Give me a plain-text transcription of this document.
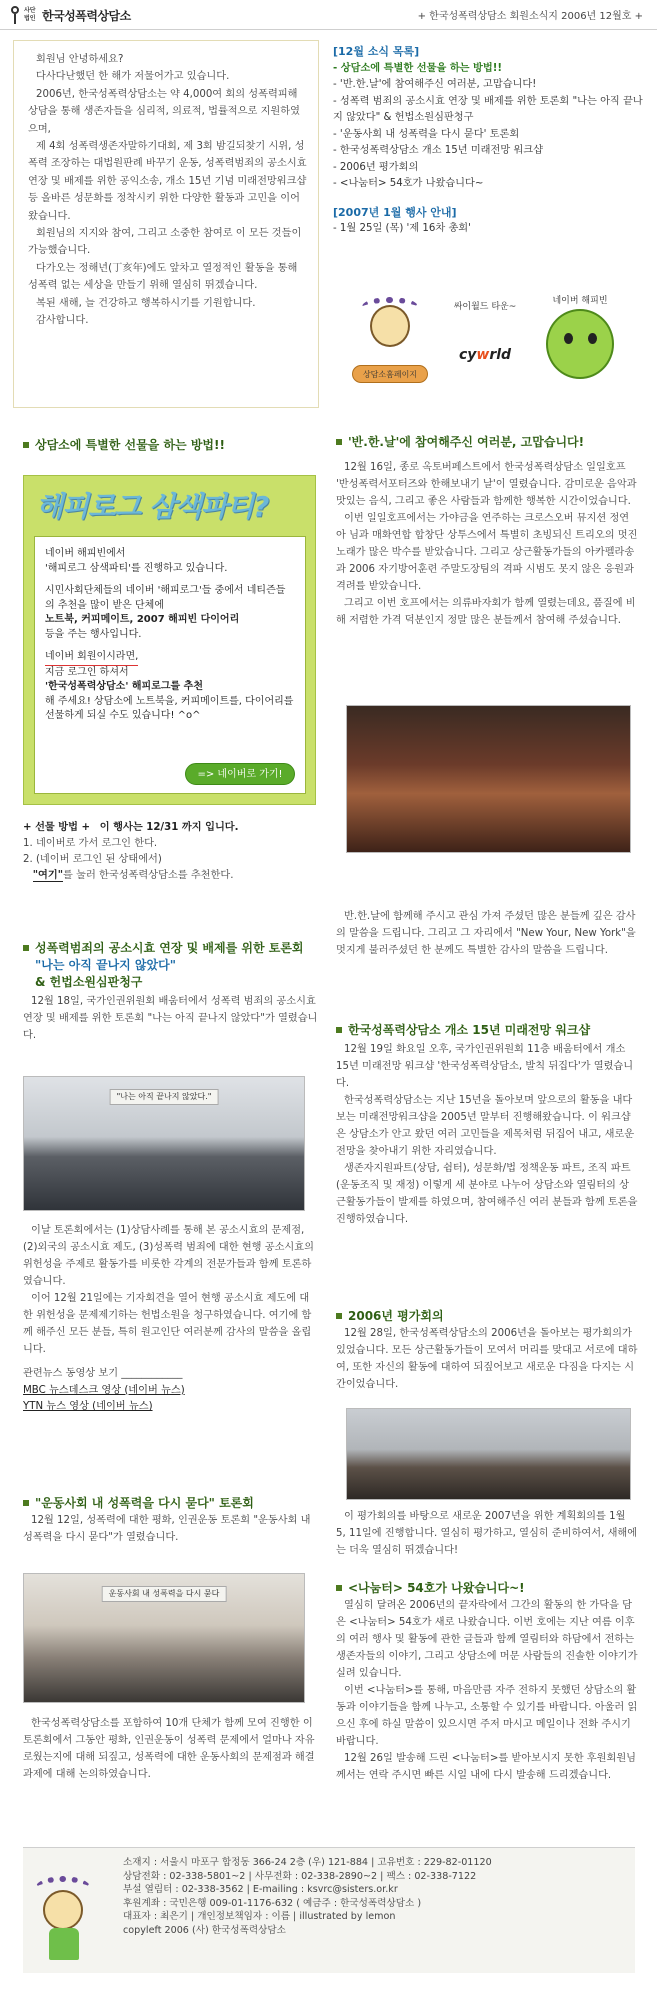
사단법인 한국성폭력상담소	+ 한국성폭력상담소 회원소식지 2006년 12월호 +

회원님 안녕하세요?

다사다난했던 한 해가 저물어가고 있습니다.

2006년, 한국성폭력상담소는 약 4,000여 회의 성폭력피해 상담을 통해 생존자들을 심리적, 의료적, 법률적으로 지원하였으며,

제 4회 성폭력생존자말하기대회, 제 3회 밤길되찾기 시위, 성폭력 조장하는 대법원판례 바꾸기 운동, 성폭력범죄의 공소시효 연장 및 배제를 위한 공익소송, 개소 15년 기념 미래전망워크샵 등 올바른 성문화를 정착시키 위한 다양한 활동과 고민을 이어 왔습니다.

회원님의 지지와 참여, 그리고 소중한 참여로 이 모든 것들이 가능했습니다.

다가오는 정해년(丁亥年)에도 앞차고 열정적인 활동을 통해 성폭력 없는 세상을 만들기 위해 열심히 뛰겠습니다.

복된 새해, 늘 건강하고 행복하시기를 기원합니다.

감사합니다.

[12월 소식 목록]
- 상담소에 특별한 선물을 하는 방법!!
- '반.한.날'에 참여해주신 여러분, 고맙습니다!
- 성폭력 범죄의 공소시효 연장 및 배제를 위한 토론회 "나는 아직 끝나지 않았다" & 헌법소원심판청구
- '운동사회 내 성폭력을 다시 묻다' 토론회
- 한국성폭력상담소 개소 15년 미래전망 워크샵
- 2006년 평가회의
- <나눔터> 54호가 나왔습니다~
[2007년 1월 행사 안내]
- 1월 25일 (목) '제 16차 총회'
상담소홈페이지
싸이월드 타운~
cywrld
네이버 해피빈
상담소에 특별한 선물을 하는 방법!!
해피로그 삼색파티?
네이버 해피빈에서
'해피로그 삼색파티'를 진행하고 있습니다.
시민사회단체들의 네이버 '해피로그'들 중에서 네티즌들의 추천을 많이 받은 단체에
노트북, 커피메이트, 2007 해피빈 다이어리
등을 주는 행사입니다.
네이버 회원이시라면,
지금 로그인 하셔서
'한국성폭력상담소' 해피로그를 추천
해 주세요! 상담소에 노트북을, 커피메이트를, 다이어리를 선물하게 되실 수도 있습니다! ^o^
=> 네이버로 가기!
+ 선물 방법 + 이 행사는 12/31 까지 입니다.
1. 네이버로 가서 로그인 한다.
2. (네이버 로그인 된 상태에서)
"여기"를 눌러 한국성폭력상담소를 추천한다.
성폭력범죄의 공소시효 연장 및 배제를 위한 토론회 "나는 아직 끝나지 않았다"
& 헌법소원심판청구

12월 18일, 국가인권위원회 배움터에서 성폭력 범죄의 공소시효 연장 및 배제를 위한 토론회 "나는 아직 끝나지 않았다"가 열렸습니다.

"나는 아직 끝나지 않았다."

이날 토론회에서는 (1)상담사례를 통해 본 공소시효의 문제점, (2)외국의 공소시효 제도, (3)성폭력 범죄에 대한 현행 공소시효의 위헌성을 주제로 활동가를 비롯한 각계의 전문가들과 함께 토론하였습니다.

이어 12월 21일에는 기자회견을 열어 현행 공소시효 제도에 대한 위헌성을 문제제기하는 헌법소원을 청구하였습니다. 여기에 함께 해주신 모든 분들, 특히 원고인단 여러분께 감사의 말씀을 올립니다.

관련뉴스 동영상 보기 ____________
MBC 뉴스데스크 영상 (네이버 뉴스)
YTN 뉴스 영상 (네이버 뉴스)
"운동사회 내 성폭력을 다시 묻다" 토론회

12월 12일, 성폭력에 대한 평화, 인권운동 토론회 "운동사회 내 성폭력을 다시 묻다"가 열렸습니다.

운동사회 내 성폭력을 다시 묻다

한국성폭력상담소를 포함하여 10개 단체가 함께 모여 진행한 이 토론회에서 그동안 평화, 인권운동이 성폭력 문제에서 얼마나 자유로웠는지에 대해 되짚고, 성폭력에 대한 운동사회의 문제점과 해결과제에 대해 논의하였습니다.

'반.한.날'에 참여해주신 여러분, 고맙습니다!

12월 16일, 종로 옥토버페스트에서 한국성폭력상담소 일일호프 '반성폭력서포터즈와 한해보내기 날'이 열렸습니다. 감미로운 음악과 맛있는 음식, 그리고 좋은 사람들과 함께한 행복한 시간이었습니다.

이번 일일호프에서는 가야금을 연주하는 크로스오버 뮤지션 정연아 님과 매화연합 합창단 상투스에서 특별히 초빙되신 트리오의 멋진 노래가 많은 박수를 받았습니다. 그리고 상근활동가들의 아카펠라송과 2006 자기방어훈련 주말도장팀의 격파 시범도 못지 않은 응원과 격려를 받았습니다.

그리고 이번 호프에서는 의류바자회가 함께 열렸는데요, 품질에 비해 저렴한 가격 덕분인지 정말 많은 분들께서 참여해 주셨습니다.

반.한.날에 함께해 주시고 관심 가져 주셨던 많은 분들께 깊은 감사의 말씀을 드립니다. 그리고 그 자리에서 "New Your, New York"을 멋지게 불러주셨던 한 분께도 특별한 감사의 말씀을 드립니다.

한국성폭력상담소 개소 15년 미래전망 워크샵

12월 19일 화요일 오후, 국가인권위원회 11층 배움터에서 개소 15년 미래전망 워크샵 '한국성폭력상담소, 발칙 뒤집다'가 열렸습니다.

한국성폭력상담소는 지난 15년을 돌아보며 앞으로의 활동을 내다보는 미래전망워크샵을 2005년 말부터 진행해왔습니다. 이 워크샵은 상담소가 안고 왔던 여러 고민들을 제목처럼 뒤집어 내고, 새로운 전망을 찾아내기 위한 자리였습니다.

생존자지원파트(상담, 쉼터), 성문화/법 정책운동 파트, 조직 파트(운동조직 및 재정) 이렇게 세 분야로 나누어 상담소와 열림터의 상근활동가들이 발제를 하였으며, 참여해주신 여러 분들과 함께 토론을 진행하였습니다.

2006년 평가회의

12월 28일, 한국성폭력상담소의 2006년을 돌아보는 평가회의가 있었습니다. 모든 상근활동가들이 모여서 머리를 맞대고 서로에 대하여, 또한 자신의 활동에 대하여 되짚어보고 새로운 다짐을 다지는 시간이었습니다.

이 평가회의를 바탕으로 새로운 2007년을 위한 계획회의를 1월 5, 11일에 진행합니다. 열심히 평가하고, 열심히 준비하여서, 새해에는 더욱 열심히 뛰겠습니다!

<나눔터> 54호가 나왔습니다~!

열심히 달려온 2006년의 끝자락에서 그간의 활동의 한 가닥을 담은 <나눔터> 54호가 새로 나왔습니다. 이번 호에는 지난 여름 이후의 여러 행사 및 활동에 관한 글들과 함께 열림터와 하담에서 전하는 생존자들의 이야기, 그리고 상담소에 머문 사람들의 진솔한 이야기가 실려 있습니다.

이번 <나눔터>를 통해, 마음만큼 자주 전하지 못했던 상담소의 활동과 이야기들을 함께 나누고, 소통할 수 있기를 바랍니다. 아울러 읽으신 후에 하실 말씀이 있으시면 주저 마시고 메일이나 전화 주시기 바랍니다.

12월 26일 발송해 드린 <나눔터>를 받아보시지 못한 후원회원님께서는 연락 주시면 빠른 시일 내에 다시 발송해 드리겠습니다.

소재지 : 서울시 마포구 합정동 366-24 2층 (우) 121-884 | 고유번호 : 229-82-01120
상담전화 : 02-338-5801~2 | 사무전화 : 02-338-2890~2 | 팩스 : 02-338-7122
부설 열림터 : 02-338-3562 | E-mailing : ksvrc@sisters.or.kr
후원계좌 : 국민은행 009-01-1176-632 ( 예금주 : 한국성폭력상담소 )
대표자 : 최은기 | 개인정보책임자 : 이름 | illustrated by lemon
copyleft 2006 (사) 한국성폭력상담소
